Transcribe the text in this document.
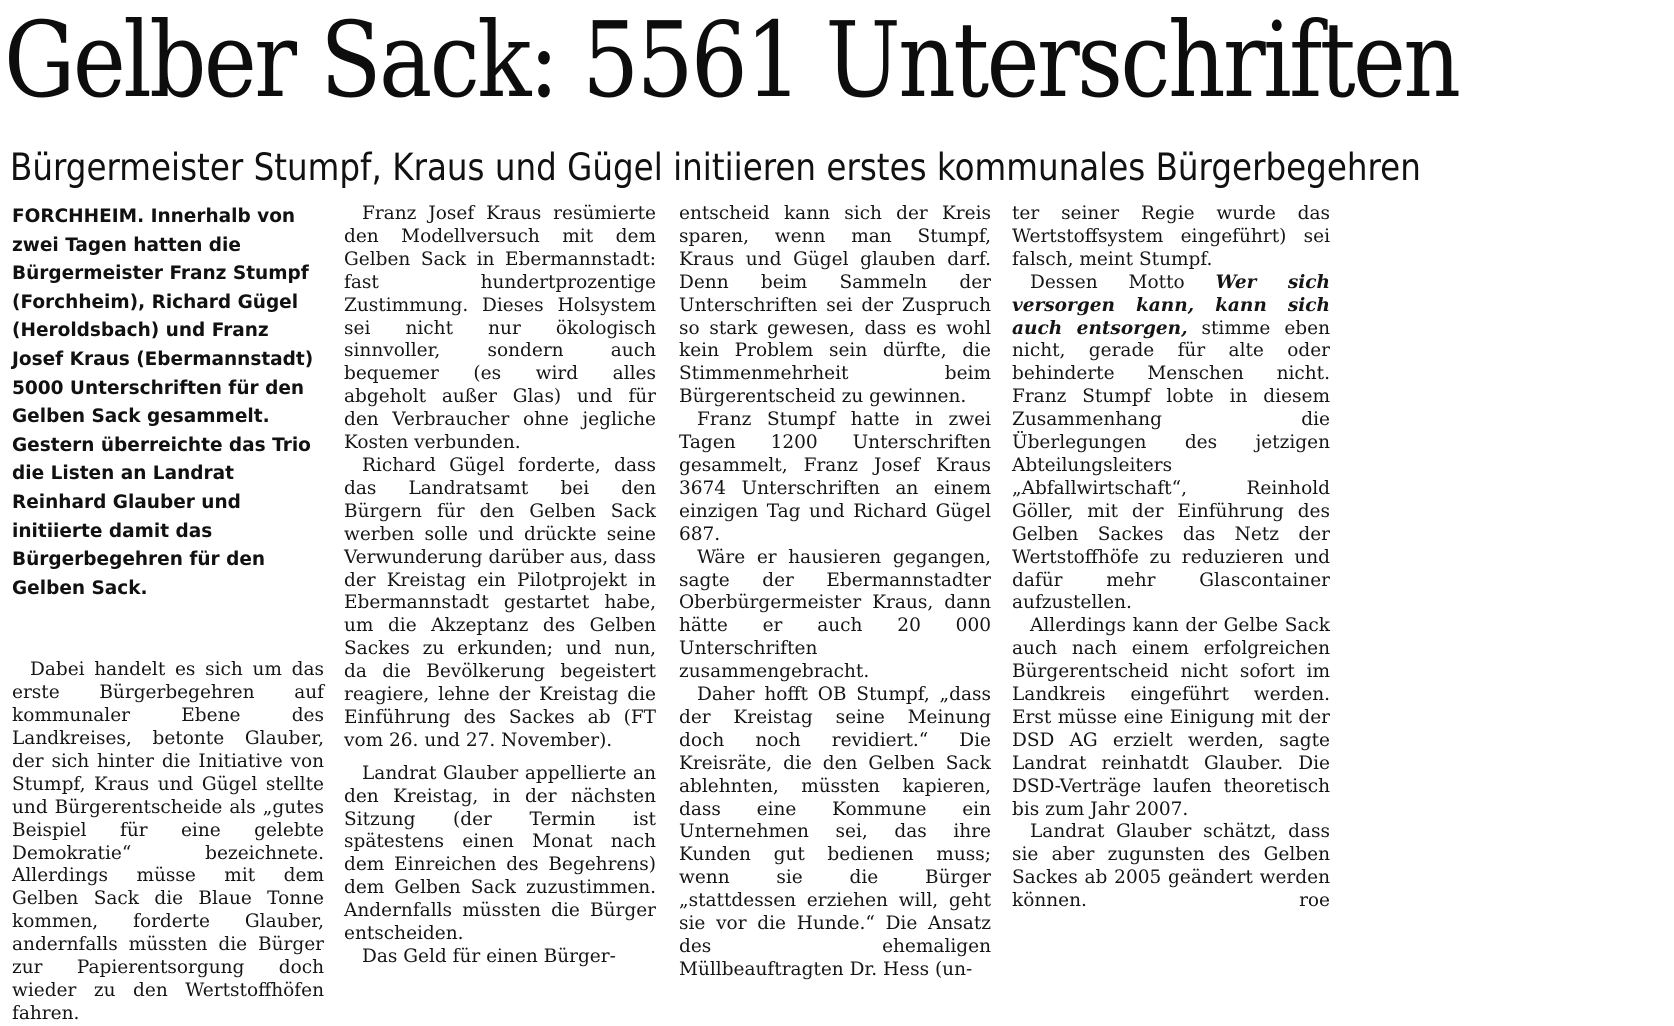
Gelber Sack: 5561 Unterschriften
Bürgermeister Stumpf, Kraus und Gügel initiieren erstes kommunales Bürgerbegehren

FORCHHEIM. Innerhalb von zwei Tagen hatten die Bürgermeister Franz Stumpf (Forchheim), Richard Gügel (Heroldsbach) und Franz Josef Kraus (Ebermannstadt) 5000 Unterschriften für den Gelben Sack gesammelt. Gestern überreichte das Trio die Listen an Landrat Reinhard Glauber und initiierte damit das Bürgerbegehren für den Gelben Sack.

Dabei handelt es sich um das erste Bürgerbegehren auf kommunaler Ebene des Landkreises, betonte Glauber, der sich hinter die Initiative von Stumpf, Kraus und Gügel stellte und Bürgerentscheide als „gutes Beispiel für eine gelebte Demokratie“ bezeichnete. Allerdings müsse mit dem Gelben Sack die Blaue Tonne kommen, forderte Glauber, andernfalls müssten die Bürger zur Papierentsorgung doch wieder zu den Wertstoffhöfen fahren.

Franz Josef Kraus resümierte den Modellversuch mit dem Gelben Sack in Ebermannstadt: fast hundertprozentige Zustimmung. Dieses Holsystem sei nicht nur ökologisch sinnvoller, sondern auch bequemer (es wird alles abgeholt außer Glas) und für den Verbraucher ohne jegliche Kosten verbunden.

Richard Gügel forderte, dass das Landratsamt bei den Bürgern für den Gelben Sack werben solle und drückte seine Verwunderung darüber aus, dass der Kreistag ein Pilotprojekt in Ebermannstadt gestartet habe, um die Akzeptanz des Gelben Sackes zu erkunden; und nun, da die Bevölkerung begeistert reagiere, lehne der Kreistag die Einführung des Sackes ab (FT vom 26. und 27. November).

Landrat Glauber appellierte an den Kreistag, in der nächsten Sitzung (der Termin ist spätestens einen Monat nach dem Einreichen des Begehrens) dem Gelben Sack zuzustimmen. Andernfalls müssten die Bürger entscheiden.

Das Geld für einen Bürger-

entscheid kann sich der Kreis sparen, wenn man Stumpf, Kraus und Gügel glauben darf. Denn beim Sammeln der Unterschriften sei der Zuspruch so stark gewesen, dass es wohl kein Problem sein dürfte, die Stimmenmehrheit beim Bürgerentscheid zu gewinnen.

Franz Stumpf hatte in zwei Tagen 1200 Unterschriften gesammelt, Franz Josef Kraus 3674 Unterschriften an einem einzigen Tag und Richard Gügel 687.

Wäre er hausieren gegangen, sagte der Ebermannstadter Oberbürgermeister Kraus, dann hätte er auch 20 000 Unterschriften zusammengebracht.

Daher hofft OB Stumpf, „dass der Kreistag seine Meinung doch noch revidiert.“ Die Kreisräte, die den Gelben Sack ablehnten, müssten kapieren, dass eine Kommune ein Unternehmen sei, das ihre Kunden gut bedienen muss; wenn sie die Bürger „stattdessen erziehen will, geht sie vor die Hunde.“ Die Ansatz des ehemaligen Müllbeauftragten Dr. Hess (un-

ter seiner Regie wurde das Wertstoffsystem eingeführt) sei falsch, meint Stumpf.

Dessen Motto Wer sich versorgen kann, kann sich auch entsorgen, stimme eben nicht, gerade für alte oder behinderte Menschen nicht. Franz Stumpf lobte in diesem Zusammenhang die Überlegungen des jetzigen Abteilungsleiters „Abfallwirtschaft“, Reinhold Göller, mit der Einführung des Gelben Sackes das Netz der Wertstoffhöfe zu reduzieren und dafür mehr Glascontainer aufzustellen.

Allerdings kann der Gelbe Sack auch nach einem erfolgreichen Bürgerentscheid nicht sofort im Landkreis eingeführt werden. Erst müsse eine Einigung mit der DSD AG erzielt werden, sagte Landrat reinhatdt Glauber. Die DSD-Verträge laufen theoretisch bis zum Jahr 2007.

Landrat Glauber schätzt, dass sie aber zugunsten des Gelben Sackes ab 2005 geändert werden können.	roe
